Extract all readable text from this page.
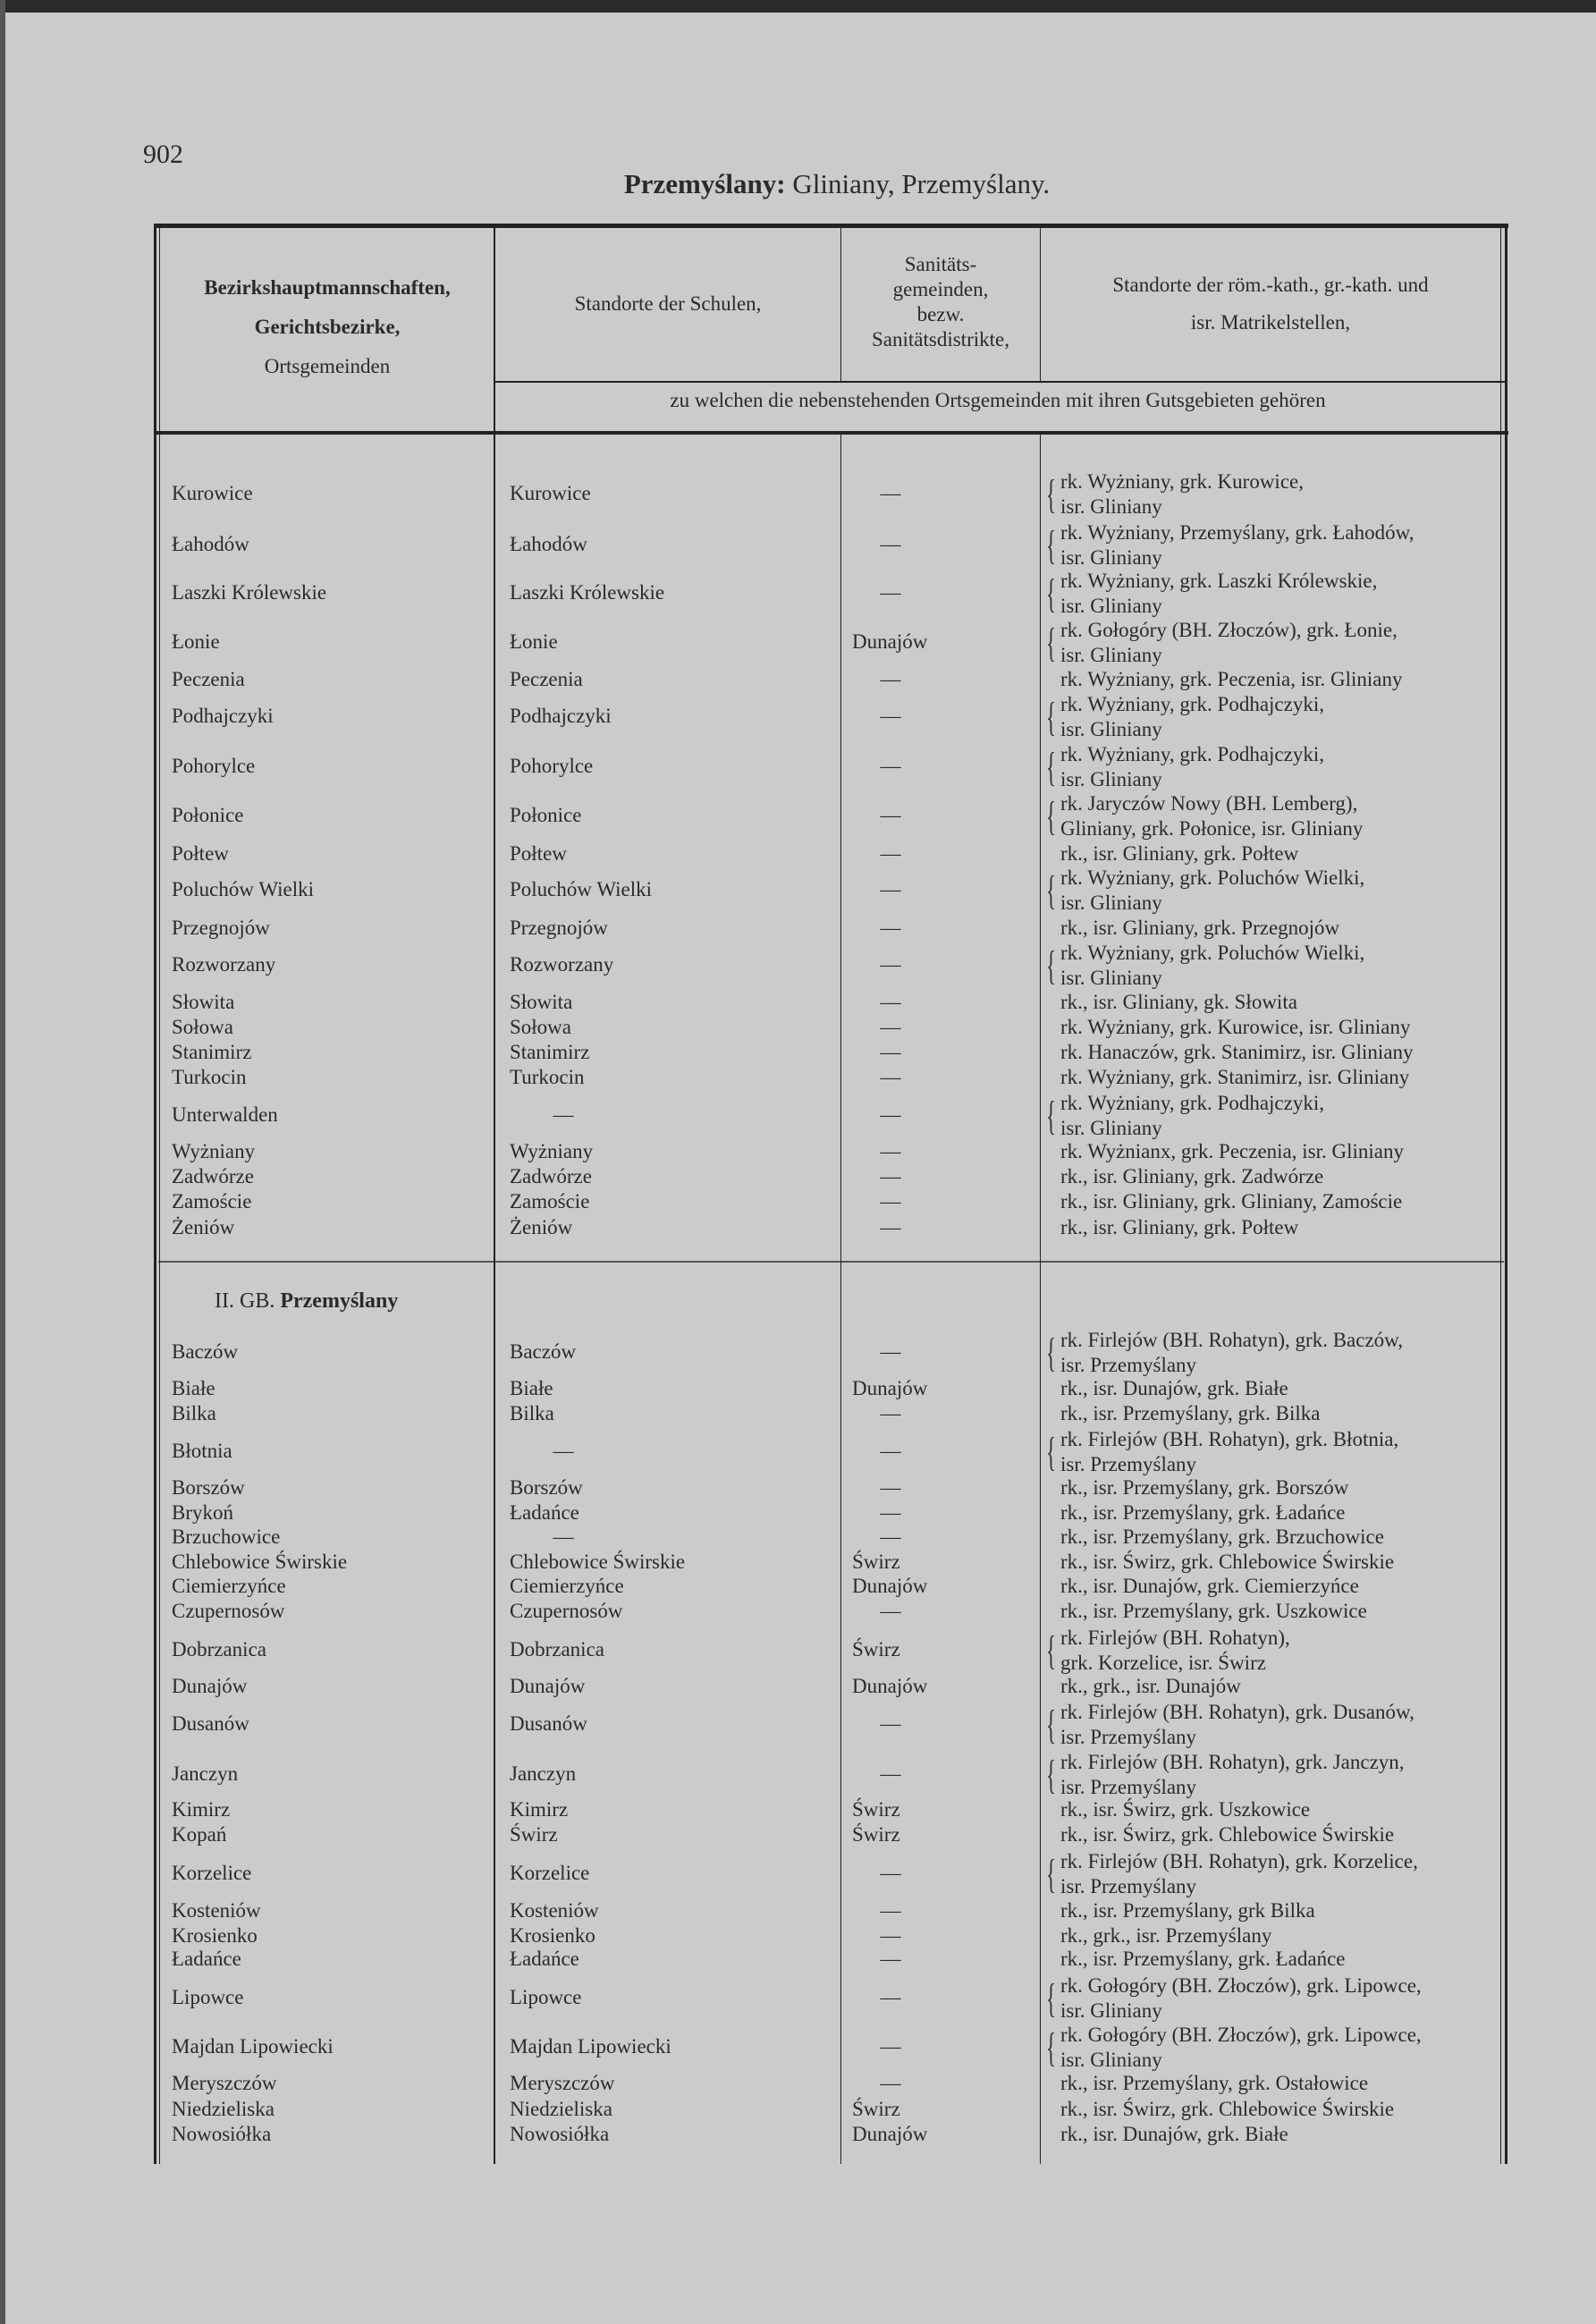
902
Przemyślany: Gliniany, Przemyślany.
Bezirkshauptmannschaften,
Gerichtsbezirke,
Ortsgemeinden
Standorte der Schulen,
Sanitäts-
gemeinden,
bezw.
Sanitätsdistrikte,
Standorte der röm.-kath., gr.-kath. und
isr. Matrikelstellen,
zu welchen die nebenstehenden Ortsgemeinden mit ihren Gutsgebieten gehören
Kurowice	Kurowice	—	{ rk. Wyżniany, grk. Kurowice,
isr. Gliniany
Łahodów	Łahodów	—	{ rk. Wyżniany, Przemyślany, grk. Łahodów,
isr. Gliniany
Laszki Królewskie	Laszki Królewskie	—	{ rk. Wyżniany, grk. Laszki Królewskie,
isr. Gliniany
Łonie	Łonie	Dunajów	{ rk. Gołogóry (BH. Złoczów), grk. Łonie,
isr. Gliniany
Peczenia	Peczenia	—	rk. Wyżniany, grk. Peczenia, isr. Gliniany
Podhajczyki	Podhajczyki	—	{ rk. Wyżniany, grk. Podhajczyki,
isr. Gliniany
Pohorylce	Pohorylce	—	{ rk. Wyżniany, grk. Podhajczyki,
isr. Gliniany
Połonice	Połonice	—	{ rk. Jaryczów Nowy (BH. Lemberg),
Gliniany, grk. Połonice, isr. Gliniany
Połtew	Połtew	—	rk., isr. Gliniany, grk. Połtew
Poluchów Wielki	Poluchów Wielki	—	{ rk. Wyżniany, grk. Poluchów Wielki,
isr. Gliniany
Przegnojów	Przegnojów	—	rk., isr. Gliniany, grk. Przegnojów
Rozworzany	Rozworzany	—	{ rk. Wyżniany, grk. Poluchów Wielki,
isr. Gliniany
Słowita	Słowita	—	rk., isr. Gliniany, gk. Słowita
Sołowa	Sołowa	—	rk. Wyżniany, grk. Kurowice, isr. Gliniany
Stanimirz	Stanimirz	—	rk. Hanaczów, grk. Stanimirz, isr. Gliniany
Turkocin	Turkocin	—	rk. Wyżniany, grk. Stanimirz, isr. Gliniany
Unterwalden	—	—	{ rk. Wyżniany, grk. Podhajczyki,
isr. Gliniany
Wyżniany	Wyżniany	—	rk. Wyżnianx, grk. Peczenia, isr. Gliniany
Zadwórze	Zadwórze	—	rk., isr. Gliniany, grk. Zadwórze
Zamoście	Zamoście	—	rk., isr. Gliniany, grk. Gliniany, Zamoście
Żeniów	Żeniów	—	rk., isr. Gliniany, grk. Połtew
II. GB. Przemyślany
Baczów	Baczów	—	{ rk. Firlejów (BH. Rohatyn), grk. Baczów,
isr. Przemyślany
Białe	Białe	Dunajów	rk., isr. Dunajów, grk. Białe
Bilka	Bilka	—	rk., isr. Przemyślany, grk. Bilka
Błotnia	—	—	{ rk. Firlejów (BH. Rohatyn), grk. Błotnia,
isr. Przemyślany
Borszów	Borszów	—	rk., isr. Przemyślany, grk. Borszów
Brykoń	Ładańce	—	rk., isr. Przemyślany, grk. Ładańce
Brzuchowice	—	—	rk., isr. Przemyślany, grk. Brzuchowice
Chlebowice Świrskie	Chlebowice Świrskie	Świrz	rk., isr. Świrz, grk. Chlebowice Świrskie
Ciemierzyńce	Ciemierzyńce	Dunajów	rk., isr. Dunajów, grk. Ciemierzyńce
Czupernosów	Czupernosów	—	rk., isr. Przemyślany, grk. Uszkowice
Dobrzanica	Dobrzanica	Świrz	{ rk. Firlejów (BH. Rohatyn),
grk. Korzelice, isr. Świrz
Dunajów	Dunajów	Dunajów	rk., grk., isr. Dunajów
Dusanów	Dusanów	—	{ rk. Firlejów (BH. Rohatyn), grk. Dusanów,
isr. Przemyślany
Janczyn	Janczyn	—	{ rk. Firlejów (BH. Rohatyn), grk. Janczyn,
isr. Przemyślany
Kimirz	Kimirz	Świrz	rk., isr. Świrz, grk. Uszkowice
Kopań	Świrz	Świrz	rk., isr. Świrz, grk. Chlebowice Świrskie
Korzelice	Korzelice	—	{ rk. Firlejów (BH. Rohatyn), grk. Korzelice,
isr. Przemyślany
Kosteniów	Kosteniów	—	rk., isr. Przemyślany, grk Bilka
Krosienko	Krosienko	—	rk., grk., isr. Przemyślany
Ładańce	Ładańce	—	rk., isr. Przemyślany, grk. Ładańce
Lipowce	Lipowce	—	{ rk. Gołogóry (BH. Złoczów), grk. Lipowce,
isr. Gliniany
Majdan Lipowiecki	Majdan Lipowiecki	—	{ rk. Gołogóry (BH. Złoczów), grk. Lipowce,
isr. Gliniany
Meryszczów	Meryszczów	—	rk., isr. Przemyślany, grk. Ostałowice
Niedzieliska	Niedzieliska	Świrz	rk., isr. Świrz, grk. Chlebowice Świrskie
Nowosiółka	Nowosiółka	Dunajów	rk., isr. Dunajów, grk. Białe
